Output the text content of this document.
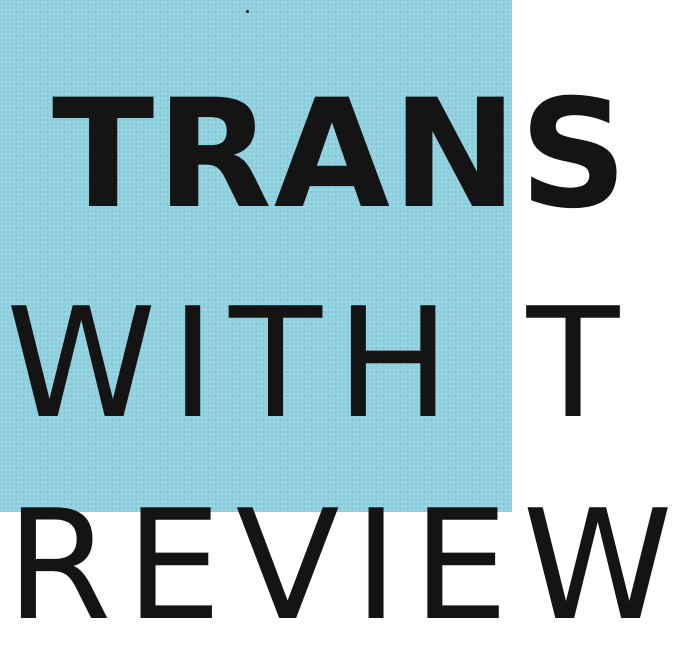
TRANS
WITH T
REVIEW
